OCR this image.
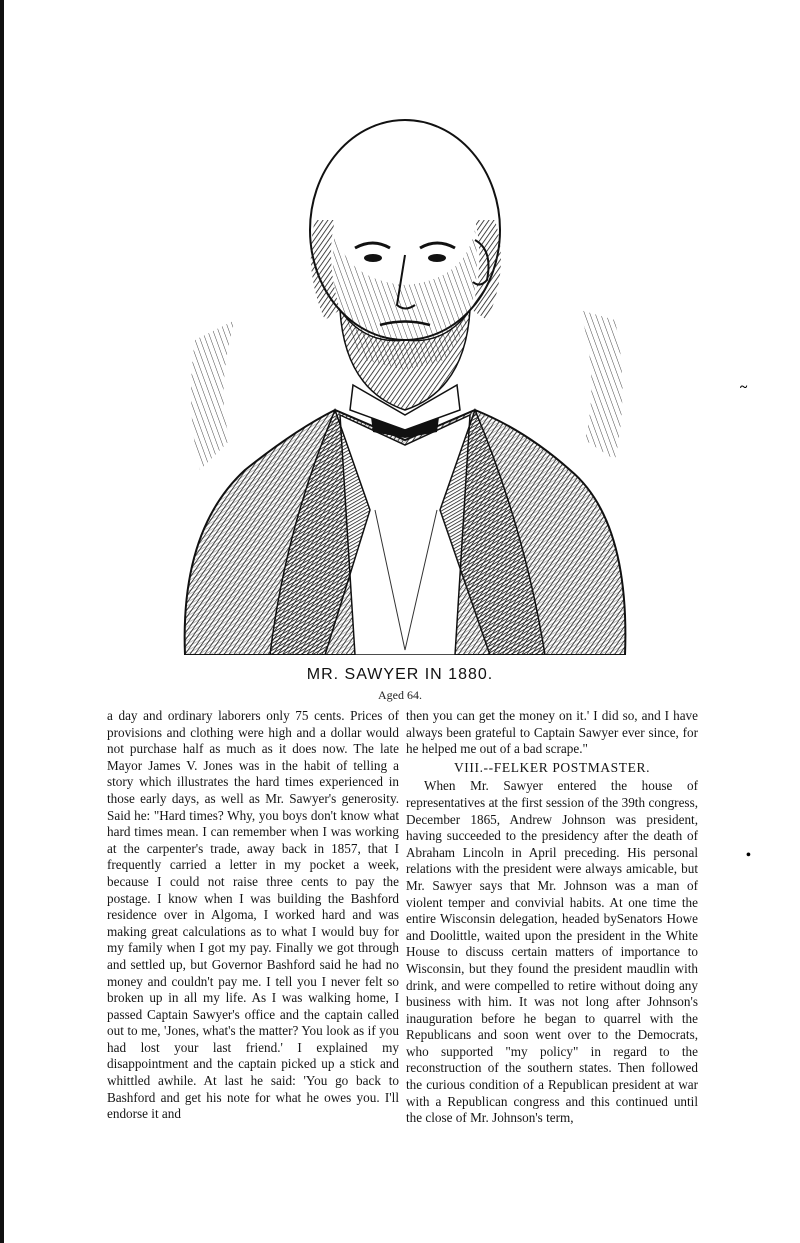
MR. SAWYER IN 1880.
Aged 64.

a day and ordinary laborers only 75 cents. Prices of provisions and clothing were high and a dollar would not purchase half as much as it does now. The late Mayor James V. Jones was in the habit of telling a story which illustrates the hard times experienced in those early days, as well as Mr. Sawyer's generosity. Said he: "Hard times? Why, you boys don't know what hard times mean. I can remember when I was working at the carpenter's trade, away back in 1857, that I frequently carried a letter in my pocket a week, because I could not raise three cents to pay the postage. I know when I was building the Bashford residence over in Algoma, I worked hard and was making great calculations as to what I would buy for my family when I got my pay. Finally we got through and settled up, but Governor Bashford said he had no money and couldn't pay me. I tell you I never felt so broken up in all my life. As I was walking home, I passed Captain Sawyer's office and the captain called out to me, 'Jones, what's the matter? You look as if you had lost your last friend.' I explained my disappointment and the captain picked up a stick and whittled awhile. At last he said: 'You go back to Bashford and get his note for what he owes you. I'll endorse it and

then you can get the money on it.' I did so, and I have always been grateful to Captain Sawyer ever since, for he helped me out of a bad scrape."

VIII.--FELKER POSTMASTER.

When Mr. Sawyer entered the house of representatives at the first session of the 39th congress, December 1865, Andrew Johnson was president, having succeeded to the presidency after the death of Abraham Lincoln in April preceding. His personal relations with the president were always amicable, but Mr. Sawyer says that Mr. Johnson was a man of violent temper and convivial habits. At one time the entire Wisconsin delegation, headed bySenators Howe and Doolittle, waited upon the president in the White House to discuss certain matters of importance to Wisconsin, but they found the president maudlin with drink, and were compelled to retire without doing any business with him. It was not long after Johnson's inauguration before he began to quarrel with the Republicans and soon went over to the Democrats, who supported "my policy" in regard to the reconstruction of the southern states. Then followed the curious condition of a Republican president at war with a Republican congress and this continued until the close of Mr. Johnson's term,

~
•
